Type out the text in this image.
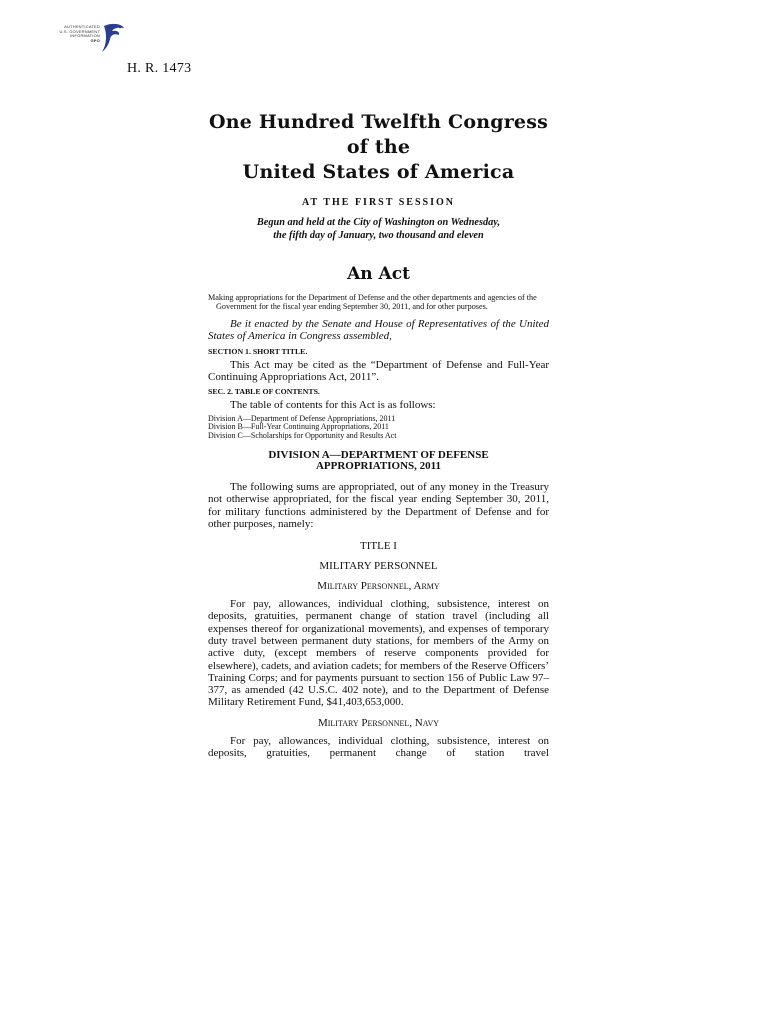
AUTHENTICATED
U.S. GOVERNMENT
INFORMATION
GPO
H. R. 1473
One Hundred Twelfth Congress
of the
United States of America
AT THE FIRST SESSION
Begun and held at the City of Washington on Wednesday,
the fifth day of January, two thousand and eleven
An Act
Making appropriations for the Department of Defense and the other departments and agencies of the Government for the fiscal year ending September 30, 2011, and for other purposes.
Be it enacted by the Senate and House of Representatives of the United States of America in Congress assembled,
SECTION 1. SHORT TITLE.
This Act may be cited as the “Department of Defense and Full-Year Continuing Appropriations Act, 2011”.
SEC. 2. TABLE OF CONTENTS.
The table of contents for this Act is as follows:
Division A—Department of Defense Appropriations, 2011
Division B—Full-Year Continuing Appropriations, 2011
Division C—Scholarships for Opportunity and Results Act
DIVISION A—DEPARTMENT OF DEFENSE
APPROPRIATIONS, 2011
The following sums are appropriated, out of any money in the Treasury not otherwise appropriated, for the fiscal year ending September 30, 2011, for military functions administered by the Department of Defense and for other purposes, namely:
TITLE I
MILITARY PERSONNEL
Military Personnel, Army
For pay, allowances, individual clothing, subsistence, interest on deposits, gratuities, permanent change of station travel (including all expenses thereof for organizational movements), and expenses of temporary duty travel between permanent duty stations, for members of the Army on active duty, (except members of reserve components provided for elsewhere), cadets, and aviation cadets; for members of the Reserve Officers’ Training Corps; and for payments pursuant to section 156 of Public Law 97–377, as amended (42 U.S.C. 402 note), and to the Department of Defense Military Retirement Fund, $41,403,653,000.
Military Personnel, Navy
For pay, allowances, individual clothing, subsistence, interest on deposits, gratuities, permanent change of station travel
